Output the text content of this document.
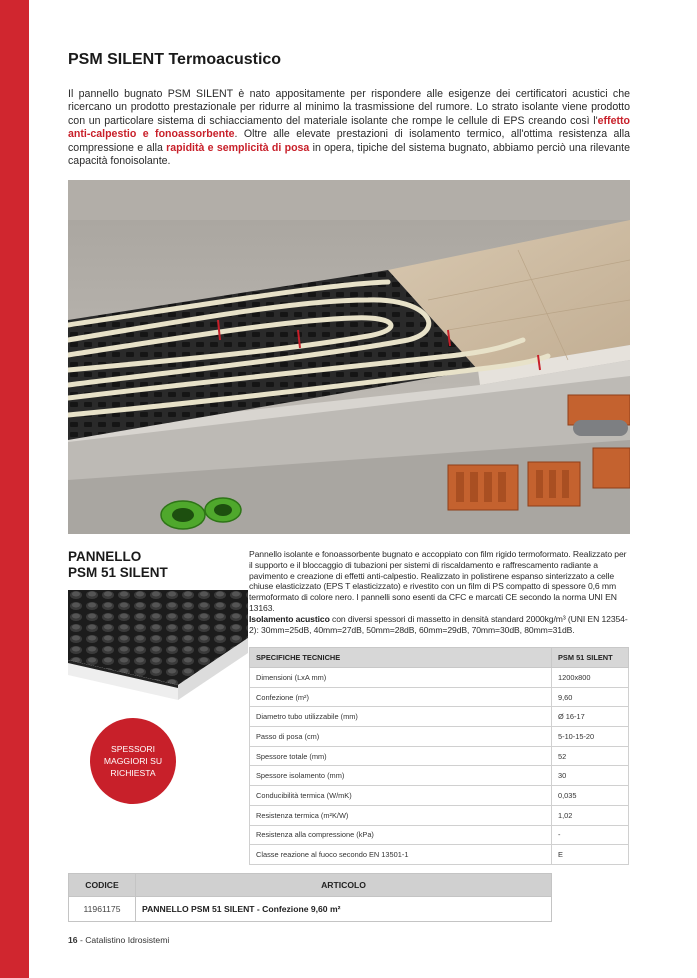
PSM SILENT Termoacustico

Il pannello bugnato PSM SILENT è nato appositamente per rispondere alle esigenze dei certificatori acustici che ricercano un prodotto prestazionale per ridurre al minimo la trasmissione del rumore. Lo strato isolante viene prodotto con un particolare sistema di schiacciamento del materiale isolante che rompe le cellule di EPS creando così l'effetto anti-calpestio e fonoassorbente. Oltre alle elevate prestazioni di isolamento termico, all'ottima resistenza alla compressione e alla rapidità e semplicità di posa in opera, tipiche del sistema bugnato, abbiamo perciò una rilevante capacità fonoisolante.

PANNELLO
PSM 51 SILENT
SPESSORI MAGGIORI SU RICHIESTA
Pannello isolante e fonoassorbente bugnato e accoppiato con film rigido termoformato. Realizzato per il supporto e il bloccaggio di tubazioni per sistemi di riscaldamento e raffrescamento radiante a pavimento e creazione di effetti anti-calpestio. Realizzato in polistirene espanso sinterizzato a celle chiuse elasticizzato (EPS T elasticizzato) e rivestito con un film di PS compatto di spessore 0,6 mm termoformato di colore nero. I pannelli sono esenti da CFC e marcati CE secondo la norma UNI EN 13163.
Isolamento acustico con diversi spessori di massetto in densità standard 2000kg/m³ (UNI EN 12354-2): 30mm=25dB, 40mm=27dB, 50mm=28dB, 60mm=29dB, 70mm=30dB, 80mm=31dB.
SPECIFICHE TECNICHE	PSM 51 SILENT
Dimensioni (LxA mm)	1200x800
Confezione (m²)	9,60
Diametro tubo utilizzabile (mm)	Ø 16-17
Passo di posa (cm)	5-10-15-20
Spessore totale (mm)	52
Spessore isolamento (mm)	30
Conducibilità termica (W/mK)	0,035
Resistenza termica (m²K/W)	1,02
Resistenza alla compressione (kPa)	-
Classe reazione al fuoco secondo EN 13501-1	E
CODICE	ARTICOLO
11961175	PANNELLO PSM 51 SILENT - Confezione 9,60 m²
16 - Catalistino Idrosistemi
